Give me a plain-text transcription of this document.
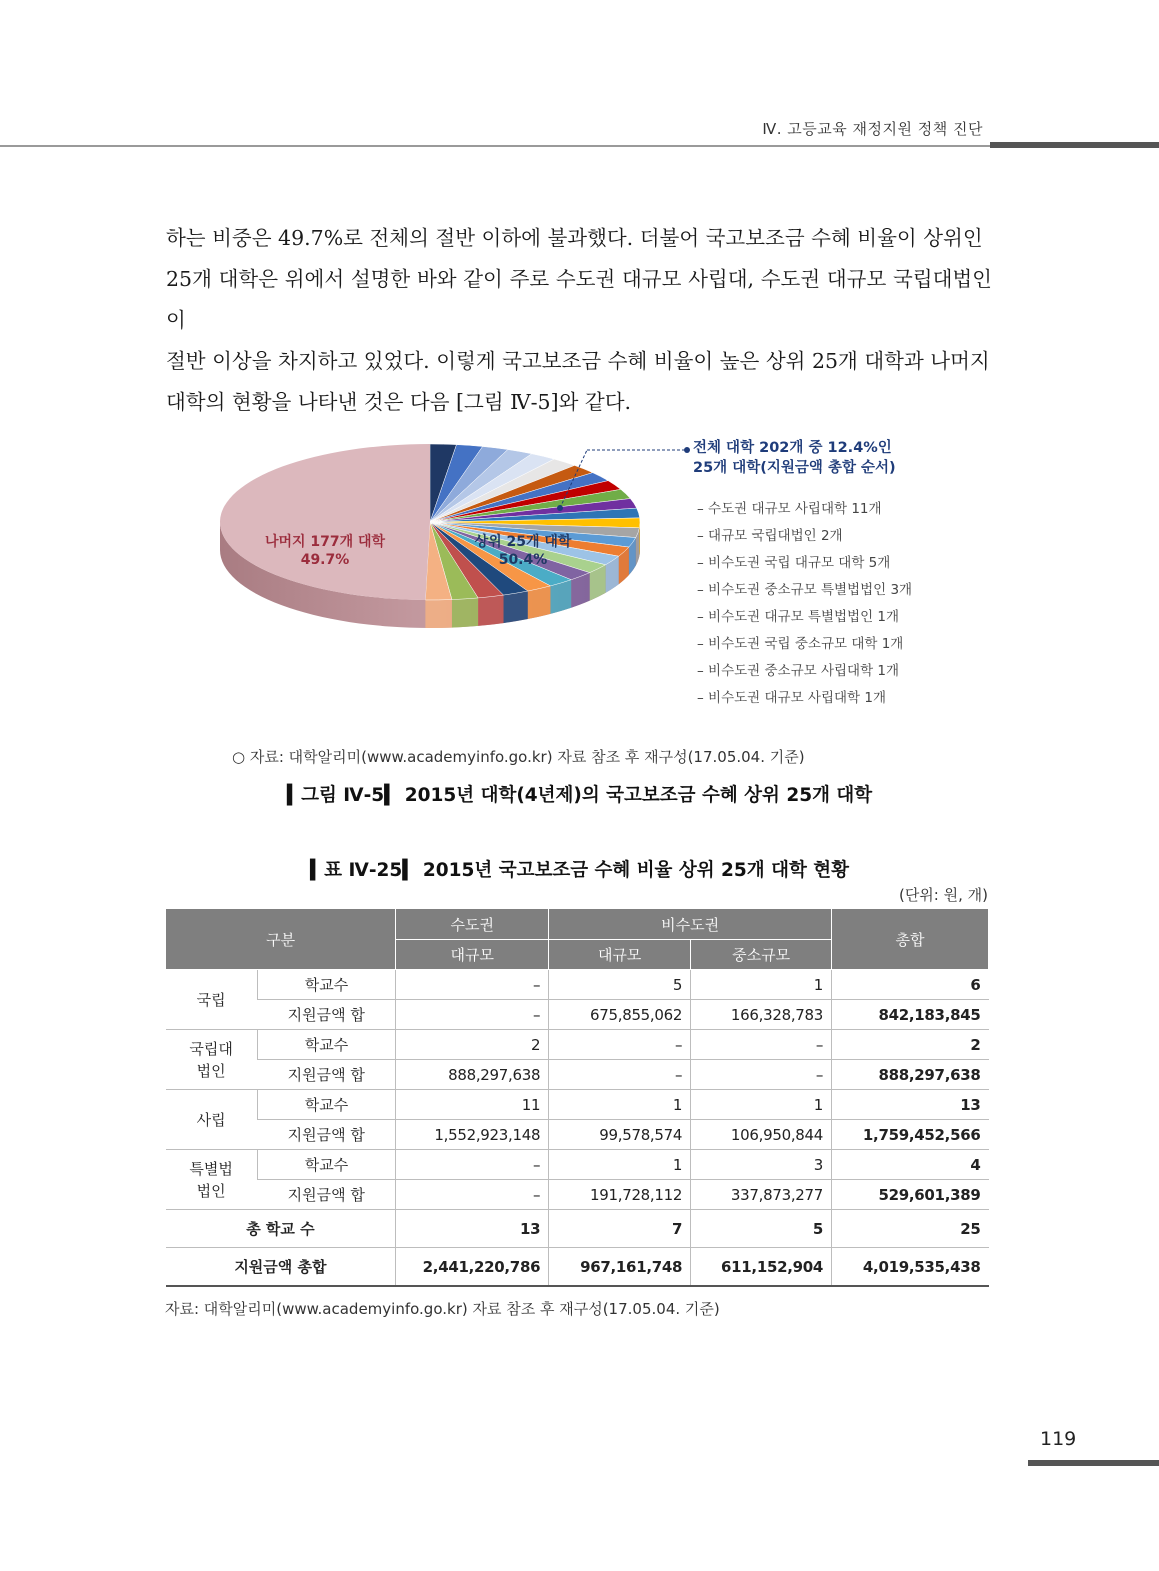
Ⅳ. 고등교육 재정지원 정책 진단

하는 비중은 49.7%로 전체의 절반 이하에 불과했다. 더불어 국고보조금 수혜 비율이 상위인

25개 대학은 위에서 설명한 바와 같이 주로 수도권 대규모 사립대, 수도권 대규모 국립대법인이

절반 이상을 차지하고 있었다. 이렇게 국고보조금 수혜 비율이 높은 상위 25개 대학과 나머지

대학의 현황을 나타낸 것은 다음 [그림 Ⅳ-5]와 같다.

나머지 177개 대학
49.7%
상위 25개 대학
50.4%
전체 대학 202개 중 12.4%인
25개 대학(지원금액 총합 순서)
– 수도권 대규모 사립대학 11개
– 대규모 국립대법인 2개
– 비수도권 국립 대규모 대학 5개
– 비수도권 중소규모 특별법법인 3개
– 비수도권 대규모 특별법법인 1개
– 비수도권 국립 중소규모 대학 1개
– 비수도권 중소규모 사립대학 1개
– 비수도권 대규모 사립대학 1개
○ 자료: 대학알리미(www.academyinfo.go.kr) 자료 참조 후 재구성(17.05.04. 기준)
▍그림 Ⅳ-5▍ 2015년 대학(4년제)의 국고보조금 수혜 상위 25개 대학
▍표 Ⅳ-25▍ 2015년 국고보조금 수혜 비율 상위 25개 대학 현황
(단위: 원, 개)
구분		수도권	비수도권		총합
		대규모	대규모	중소규모	
국립	학교수	–	5	1	6
	지원금액 합	–	675,855,062	166,328,783	842,183,845
국립대
법인	학교수	2	–	–	2
	지원금액 합	888,297,638	–	–	888,297,638
사립	학교수	11	1	1	13
	지원금액 합	1,552,923,148	99,578,574	106,950,844	1,759,452,566
특별법
법인	학교수	–	1	3	4
	지원금액 합	–	191,728,112	337,873,277	529,601,389
총 학교 수		13	7	5	25
지원금액 총합		2,441,220,786	967,161,748	611,152,904	4,019,535,438
자료: 대학알리미(www.academyinfo.go.kr) 자료 참조 후 재구성(17.05.04. 기준)
119
